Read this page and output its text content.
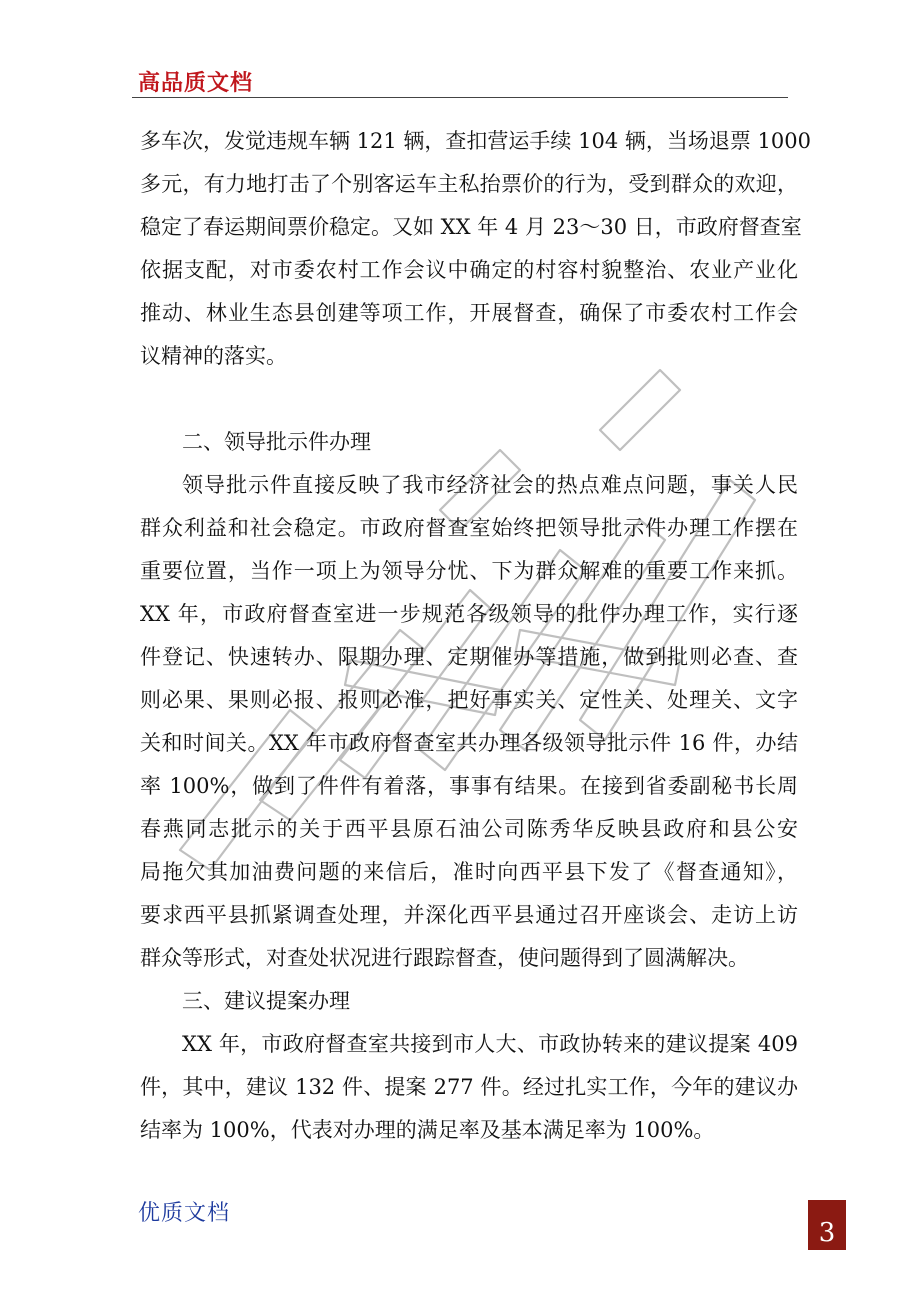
高品质文档
多车次，发觉违规车辆 121 辆，查扣营运手续 104 辆，当场退票 1000
多元，有力地打击了个别客运车主私抬票价的行为，受到群众的欢迎，
稳定了春运期间票价稳定。又如 XX 年 4 月 23～30 日，市政府督查室
依据支配，对市委农村工作会议中确定的村容村貌整治、农业产业化
推动、林业生态县创建等项工作，开展督查，确保了市委农村工作会
议精神的落实。
二、领导批示件办理
领导批示件直接反映了我市经济社会的热点难点问题，事关人民
群众利益和社会稳定。市政府督查室始终把领导批示件办理工作摆在
重要位置，当作一项上为领导分忧、下为群众解难的重要工作来抓。
XX 年，市政府督查室进一步规范各级领导的批件办理工作，实行逐
件登记、快速转办、限期办理、定期催办等措施，做到批则必查、查
则必果、果则必报、报则必准，把好事实关、定性关、处理关、文字
关和时间关。XX 年市政府督查室共办理各级领导批示件 16 件，办结
率 100%，做到了件件有着落，事事有结果。在接到省委副秘书长周
春燕同志批示的关于西平县原石油公司陈秀华反映县政府和县公安
局拖欠其加油费问题的来信后，准时向西平县下发了《督查通知》，
要求西平县抓紧调查处理，并深化西平县通过召开座谈会、走访上访
群众等形式，对查处状况进行跟踪督查，使问题得到了圆满解决。
三、建议提案办理
XX 年，市政府督查室共接到市人大、市政协转来的建议提案 409
件，其中，建议 132 件、提案 277 件。经过扎实工作，今年的建议办
结率为 100%，代表对办理的满足率及基本满足率为 100%。
优质文档
3
